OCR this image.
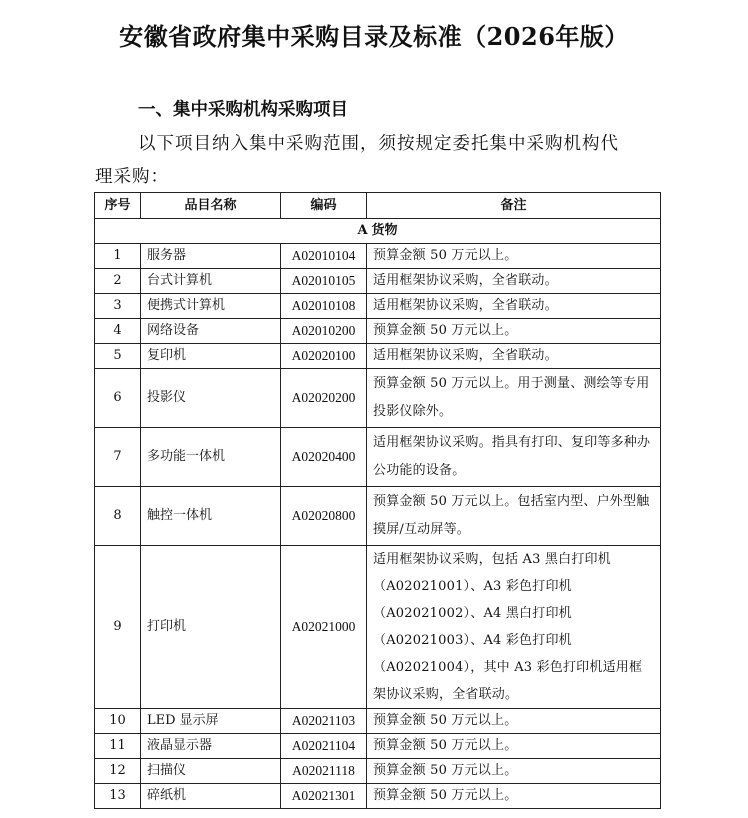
安徽省政府集中采购目录及标准（2026年版）
一、集中采购机构采购项目
以下项目纳入集中采购范围，须按规定委托集中采购机构代
理采购：
序号	品目名称	编码	备注
A 货物			
1	服务器	A02010104	预算金额 50 万元以上。
2	台式计算机	A02010105	适用框架协议采购，全省联动。
3	便携式计算机	A02010108	适用框架协议采购，全省联动。
4	网络设备	A02010200	预算金额 50 万元以上。
5	复印机	A02020100	适用框架协议采购，全省联动。
6	投影仪	A02020200	预算金额 50 万元以上。用于测量、测绘等专用投影仪除外。
7	多功能一体机	A02020400	适用框架协议采购。指具有打印、复印等多种办公功能的设备。
8	触控一体机	A02020800	预算金额 50 万元以上。包括室内型、户外型触摸屏/互动屏等。
9	打印机	A02021000	适用框架协议采购，包括 A3 黑白打印机（A02021001）、A3 彩色打印机（A02021002）、A4 黑白打印机（A02021003）、A4 彩色打印机（A02021004），其中 A3 彩色打印机适用框架协议采购，全省联动。
10	LED 显示屏	A02021103	预算金额 50 万元以上。
11	液晶显示器	A02021104	预算金额 50 万元以上。
12	扫描仪	A02021118	预算金额 50 万元以上。
13	碎纸机	A02021301	预算金额 50 万元以上。
